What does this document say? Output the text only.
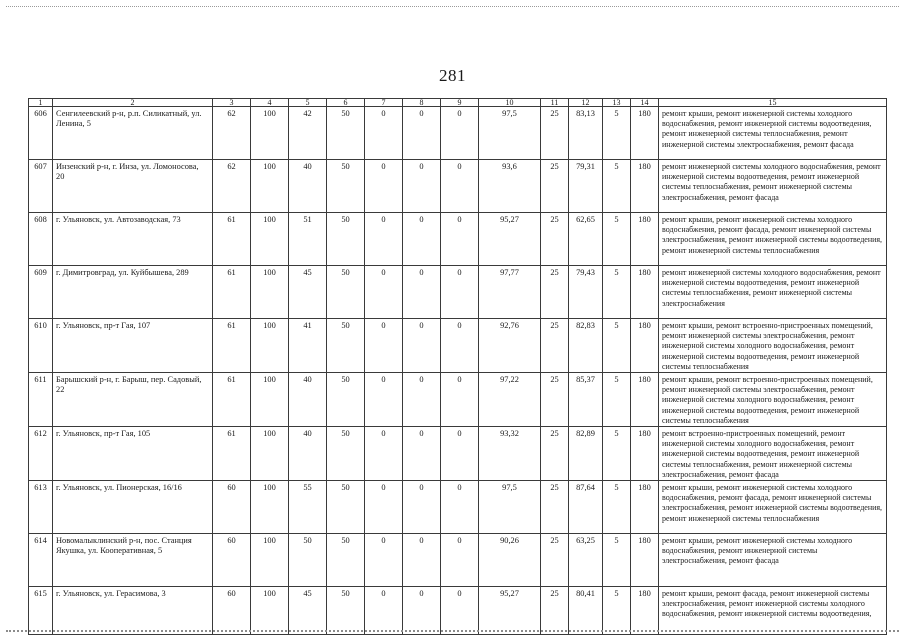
281
1	2	3	4	5	6	7	8	9	10	11	12	13	14	15
606	Сенгилеевский р-н, р.п. Силикатный, ул. Ленина, 5	62	100	42	50	0	0	0	97,5	25	83,13	5	180	ремонт крыши, ремонт инженерной системы холодного водоснабжения, ремонт инженерной системы водоотведения, ремонт инженерной системы теплоснабжения, ремонт инженерной системы электроснабжения, ремонт фасада
607	Инзенский р-н, г. Инза, ул. Ломоносова, 20	62	100	40	50	0	0	0	93,6	25	79,31	5	180	ремонт инженерной системы холодного водоснабжения, ремонт инженерной системы водоотведения, ремонт инженерной системы теплоснабжения, ремонт инженерной системы электроснабжения, ремонт фасада
608	г. Ульяновск, ул. Автозаводская, 73	61	100	51	50	0	0	0	95,27	25	62,65	5	180	ремонт крыши, ремонт инженерной системы холодного водоснабжения, ремонт фасада, ремонт инженерной системы электроснабжения, ремонт инженерной системы водоотведения, ремонт инженерной системы теплоснабжения
609	г. Димитровград, ул. Куйбышева, 289	61	100	45	50	0	0	0	97,77	25	79,43	5	180	ремонт инженерной системы холодного водоснабжения, ремонт инженерной системы водоотведения, ремонт инженерной системы теплоснабжения, ремонт инженерной системы электроснабжения
610	г. Ульяновск, пр-т Гая, 107	61	100	41	50	0	0	0	92,76	25	82,83	5	180	ремонт крыши, ремонт встроенно-пристроенных помещений, ремонт инженерной системы электроснабжения, ремонт инженерной системы холодного водоснабжения, ремонт инженерной системы водоотведения, ремонт инженерной системы теплоснабжения
611	Барышский р-н, г. Барыш, пер. Садовый, 22	61	100	40	50	0	0	0	97,22	25	85,37	5	180	ремонт крыши, ремонт встроенно-пристроенных помещений, ремонт инженерной системы электроснабжения, ремонт инженерной системы холодного водоснабжения, ремонт инженерной системы водоотведения, ремонт инженерной системы теплоснабжения
612	г. Ульяновск, пр-т Гая, 105	61	100	40	50	0	0	0	93,32	25	82,89	5	180	ремонт встроенно-пристроенных помещений, ремонт инженерной системы холодного водоснабжения, ремонт инженерной системы водоотведения, ремонт инженерной системы теплоснабжения, ремонт инженерной системы электроснабжения, ремонт фасада
613	г. Ульяновск, ул. Пионерская, 16/16	60	100	55	50	0	0	0	97,5	25	87,64	5	180	ремонт крыши, ремонт инженерной системы холодного водоснабжения, ремонт фасада, ремонт инженерной системы электроснабжения, ремонт инженерной системы водоотведения, ремонт инженерной системы теплоснабжения
614	Новомалыклинский р-н, пос. Станция Якушка, ул. Кооперативная, 5	60	100	50	50	0	0	0	90,26	25	63,25	5	180	ремонт крыши, ремонт инженерной системы холодного водоснабжения, ремонт инженерной системы электроснабжения, ремонт фасада
615	г. Ульяновск, ул. Герасимова, 3	60	100	45	50	0	0	0	95,27	25	80,41	5	180	ремонт крыши, ремонт фасада, ремонт инженерной системы электроснабжения, ремонт инженерной системы холодного водоснабжения, ремонт инженерной системы водоотведения,
